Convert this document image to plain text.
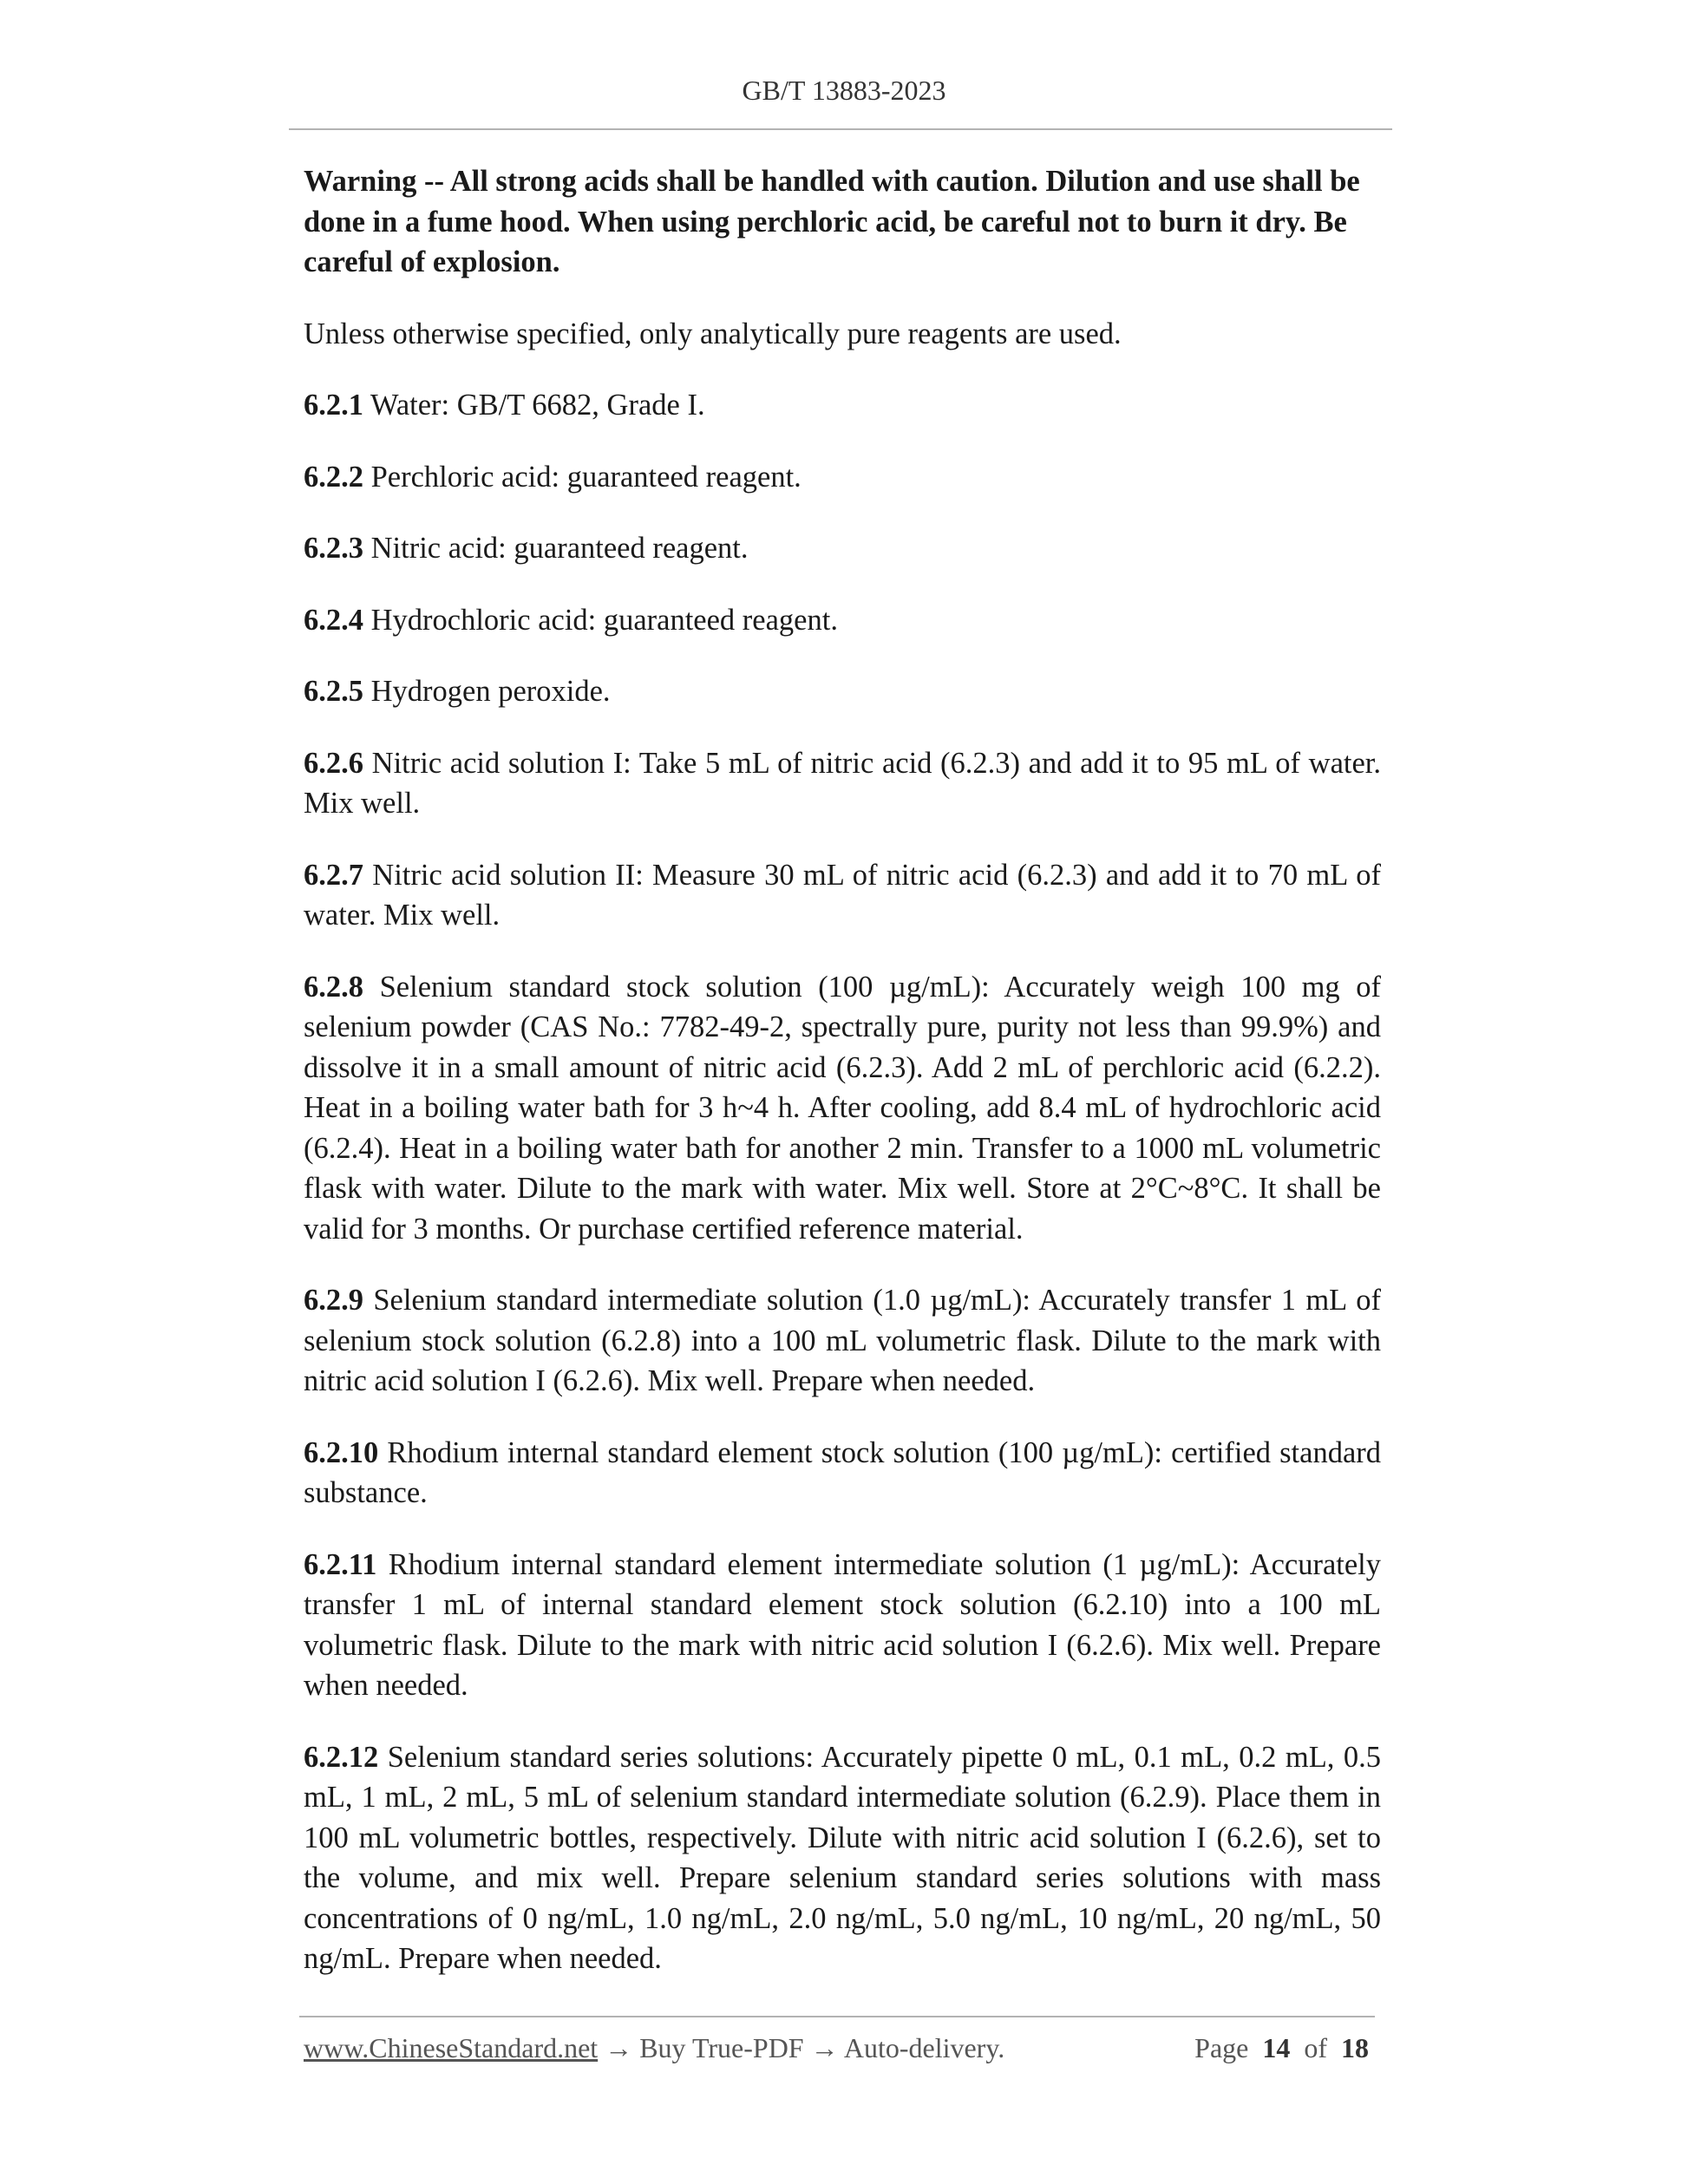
GB/T 13883-2023

Warning -- All strong acids shall be handled with caution. Dilution and use shall be done in a fume hood. When using perchloric acid, be careful not to burn it dry. Be careful of explosion.

Unless otherwise specified, only analytically pure reagents are used.

6.2.1 Water: GB/T 6682, Grade I.

6.2.2 Perchloric acid: guaranteed reagent.

6.2.3 Nitric acid: guaranteed reagent.

6.2.4 Hydrochloric acid: guaranteed reagent.

6.2.5 Hydrogen peroxide.

6.2.6 Nitric acid solution I: Take 5 mL of nitric acid (6.2.3) and add it to 95 mL of water. Mix well.

6.2.7 Nitric acid solution II: Measure 30 mL of nitric acid (6.2.3) and add it to 70 mL of water. Mix well.

6.2.8 Selenium standard stock solution (100 µg/mL): Accurately weigh 100 mg of selenium powder (CAS No.: 7782-49-2, spectrally pure, purity not less than 99.9%) and dissolve it in a small amount of nitric acid (6.2.3). Add 2 mL of perchloric acid (6.2.2). Heat in a boiling water bath for 3 h~4 h. After cooling, add 8.4 mL of hydrochloric acid (6.2.4). Heat in a boiling water bath for another 2 min. Transfer to a 1000 mL volumetric flask with water. Dilute to the mark with water. Mix well. Store at 2°C~8°C. It shall be valid for 3 months. Or purchase certified reference material.

6.2.9 Selenium standard intermediate solution (1.0 µg/mL): Accurately transfer 1 mL of selenium stock solution (6.2.8) into a 100 mL volumetric flask. Dilute to the mark with nitric acid solution I (6.2.6). Mix well. Prepare when needed.

6.2.10 Rhodium internal standard element stock solution (100 µg/mL): certified standard substance.

6.2.11 Rhodium internal standard element intermediate solution (1 µg/mL): Accurately transfer 1 mL of internal standard element stock solution (6.2.10) into a 100 mL volumetric flask. Dilute to the mark with nitric acid solution I (6.2.6). Mix well. Prepare when needed.

6.2.12 Selenium standard series solutions: Accurately pipette 0 mL, 0.1 mL, 0.2 mL, 0.5 mL, 1 mL, 2 mL, 5 mL of selenium standard intermediate solution (6.2.9). Place them in 100 mL volumetric bottles, respectively. Dilute with nitric acid solution I (6.2.6), set to the volume, and mix well. Prepare selenium standard series solutions with mass concentrations of 0 ng/mL, 1.0 ng/mL, 2.0 ng/mL, 5.0 ng/mL, 10 ng/mL, 20 ng/mL, 50 ng/mL. Prepare when needed.

www.ChineseStandard.net → Buy True-PDF → Auto-delivery.	Page 14 of 18
